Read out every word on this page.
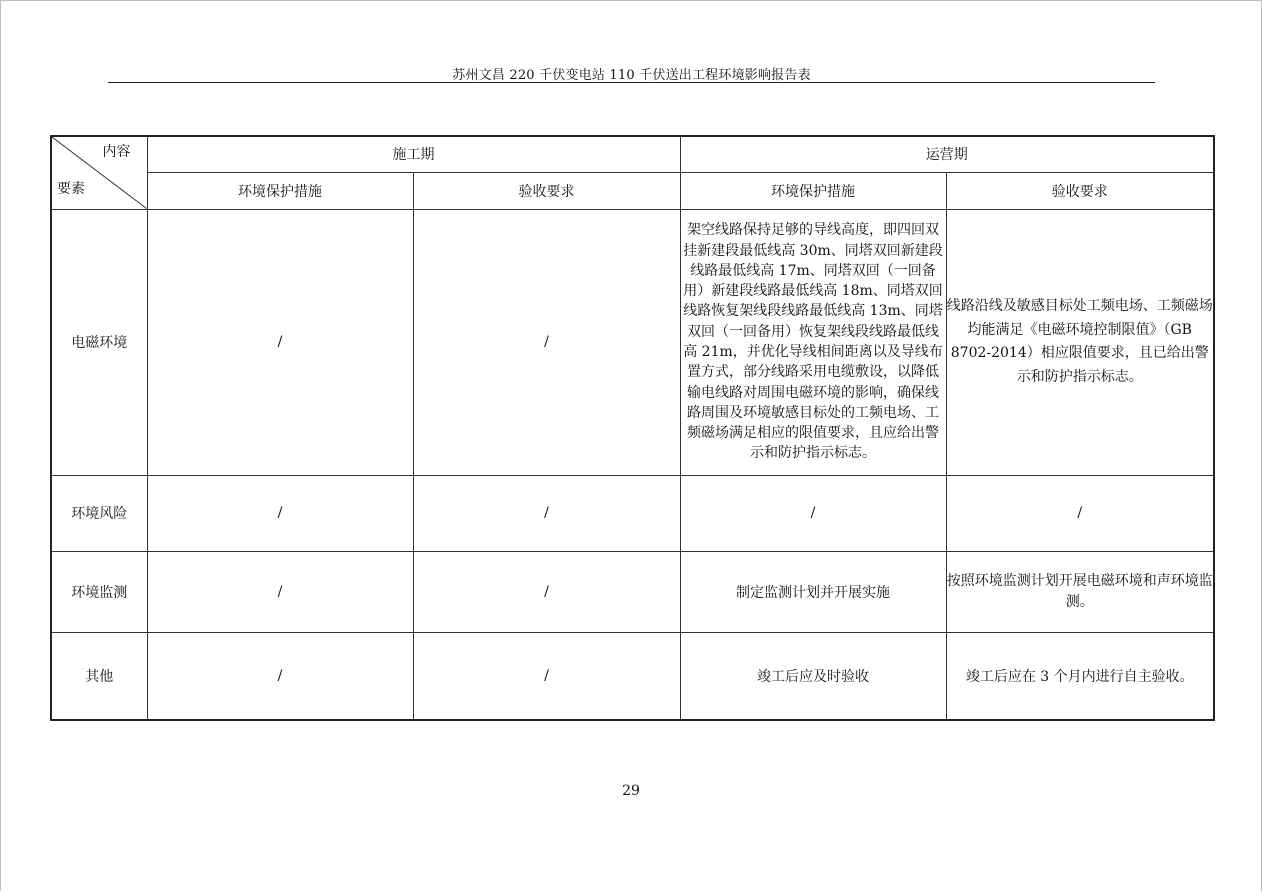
苏州文昌 220 千伏变电站 110 千伏送出工程环境影响报告表
内容
要素	施工期		运营期	
	环境保护措施	验收要求	环境保护措施	验收要求
电磁环境	/	/	架空线路保持足够的导线高度，即四回双挂新建段最低线高 30m、同塔双回新建段线路最低线高 17m、同塔双回（一回备用）新建段线路最低线高 18m、同塔双回线路恢复架线段线路最低线高 13m、同塔双回（一回备用）恢复架线段线路最低线高 21m，并优化导线相间距离以及导线布置方式，部分线路采用电缆敷设，以降低输电线路对周围电磁环境的影响，确保线路周围及环境敏感目标处的工频电场、工频磁场满足相应的限值要求，且应给出警示和防护指示标志。	线路沿线及敏感目标处工频电场、工频磁场均能满足《电磁环境控制限值》（GB 8702-2014）相应限值要求，且已给出警示和防护指示标志。
环境风险	/	/	/	/
环境监测	/	/	制定监测计划并开展实施	按照环境监测计划开展电磁环境和声环境监测。
其他	/	/	竣工后应及时验收	竣工后应在 3 个月内进行自主验收。
29
